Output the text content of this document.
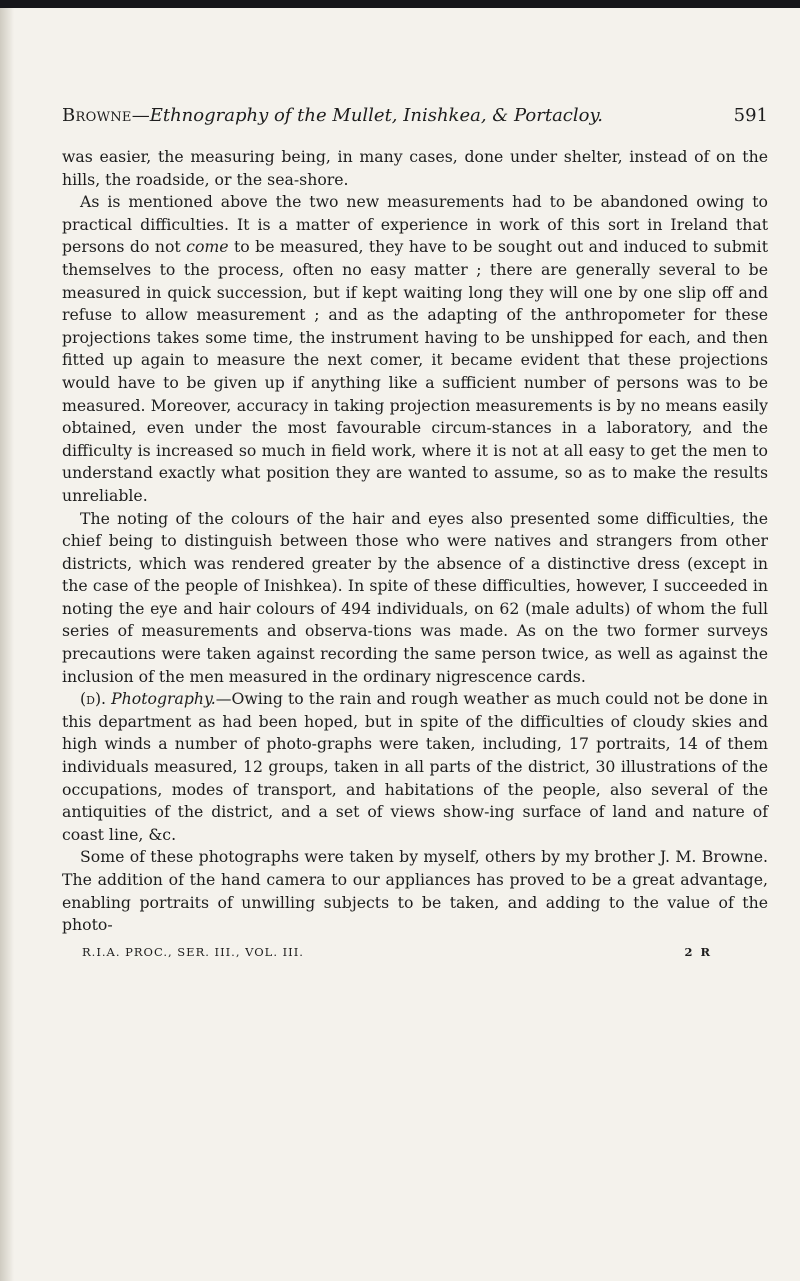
Browne—Ethnography of the Mullet, Inishkea, & Portacloy.	591

was easier, the measuring being, in many cases, done under shelter, instead of on the hills, the roadside, or the sea-shore.

As is mentioned above the two new measurements had to be abandoned owing to practical difficulties. It is a matter of experience in work of this sort in Ireland that persons do not come to be measured, they have to be sought out and induced to submit themselves to the process, often no easy matter ; there are generally several to be measured in quick succession, but if kept waiting long they will one by one slip off and refuse to allow measurement ; and as the adapting of the anthropometer for these projections takes some time, the instrument having to be unshipped for each, and then fitted up again to measure the next comer, it became evident that these projections would have to be given up if anything like a sufficient number of persons was to be measured. Moreover, accuracy in taking projection measurements is by no means easily obtained, even under the most favourable circum-stances in a laboratory, and the difficulty is increased so much in field work, where it is not at all easy to get the men to understand exactly what position they are wanted to assume, so as to make the results unreliable.

The noting of the colours of the hair and eyes also presented some difficulties, the chief being to distinguish between those who were natives and strangers from other districts, which was rendered greater by the absence of a distinctive dress (except in the case of the people of Inishkea). In spite of these difficulties, however, I succeeded in noting the eye and hair colours of 494 individuals, on 62 (male adults) of whom the full series of measurements and observa-tions was made. As on the two former surveys precautions were taken against recording the same person twice, as well as against the inclusion of the men measured in the ordinary nigrescence cards.

(d). Photography.—Owing to the rain and rough weather as much could not be done in this department as had been hoped, but in spite of the difficulties of cloudy skies and high winds a number of photo-graphs were taken, including, 17 portraits, 14 of them individuals measured, 12 groups, taken in all parts of the district, 30 illustrations of the occupations, modes of transport, and habitations of the people, also several of the antiquities of the district, and a set of views show-ing surface of land and nature of coast line, &c.

Some of these photographs were taken by myself, others by my brother J. M. Browne. The addition of the hand camera to our appliances has proved to be a great advantage, enabling portraits of unwilling subjects to be taken, and adding to the value of the photo-

R.I.A. PROC., SER. III., VOL. III.	2 R
